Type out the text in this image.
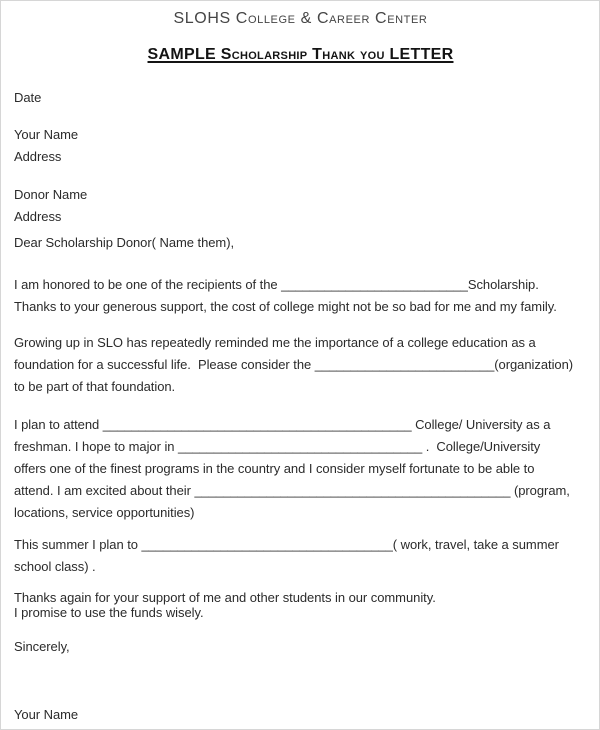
SLOHS College & Career Center
SAMPLE Scholarship Thank you LETTER
Date
Your Name
Address
Donor Name
Address
Dear Scholarship Donor( Name them),
I am honored to be one of the recipients of the __________________________Scholarship.
Thanks to your generous support, the cost of college might not be so bad for me and my family.
Growing up in SLO has repeatedly reminded me the importance of a college education as a
foundation for a successful life.  Please consider the _________________________(organization)
to be part of that foundation.
I plan to attend ___________________________________________ College/ University as a
freshman. I hope to major in __________________________________ .  College/University
offers one of the finest programs in the country and I consider myself fortunate to be able to
attend. I am excited about their ____________________________________________ (program,
locations, service opportunities)
This summer I plan to ___________________________________( work, travel, take a summer
school class) .
Thanks again for your support of me and other students in our community.
I promise to use the funds wisely.
Sincerely,
Your Name
